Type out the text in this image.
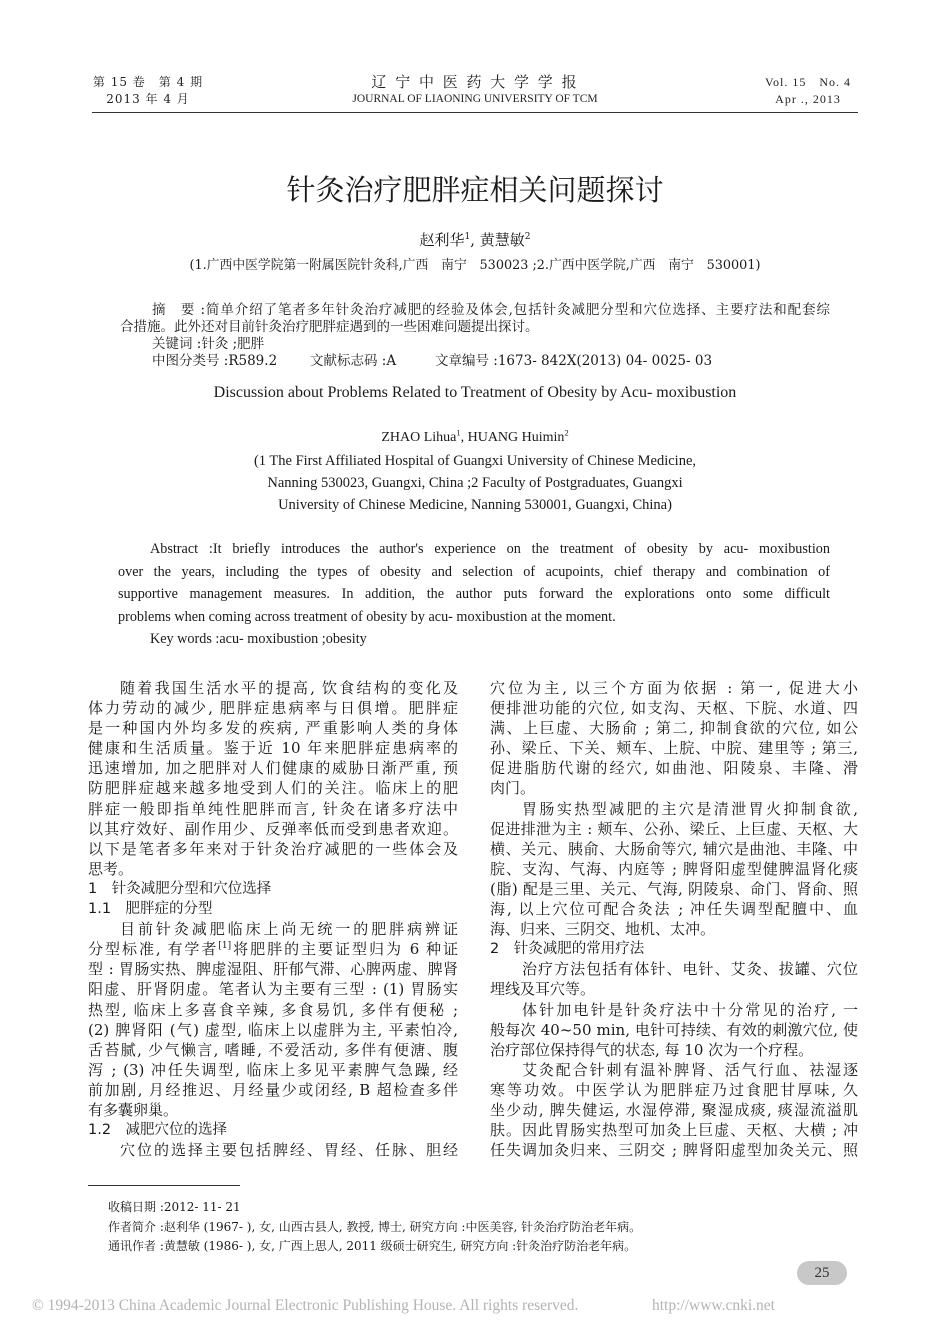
第 15 卷　第 4 期
2013 年 4 月
辽 宁 中 医 药 大 学 学 报
JOURNAL OF LIAONING UNIVERSITY OF TCM
Vol. 15　No. 4
Apr ., 2013
针灸治疗肥胖症相关问题探讨
赵利华$^1$, 黄慧敏$^2$
(1.广西中医学院第一附属医院针灸科,广西　南宁　530023 ;2.广西中医学院,广西　南宁　530001)
摘　要 :简单介绍了笔者多年针灸治疗减肥的经验及体会,包括针灸减肥分型和穴位选择、主要疗法和配套综
合措施。此外还对目前针灸治疗肥胖症遇到的一些困难问题提出探讨。
关键词 :针灸 ;肥胖
中图分类号 :R589.2 文献标志码 :A	文章编号 :1673- 842X(2013) 04- 0025- 03
Discussion about Problems Related to Treatment of Obesity by Acu- moxibustion
ZHAO Lihua$^1$, HUANG Huimin$^2$
(1 The First Affiliated Hospital of Guangxi University of Chinese Medicine,
Nanning 530023, Guangxi, China ;2 Faculty of Postgraduates, Guangxi
University of Chinese Medicine, Nanning 530001, Guangxi, China)
Abstract :It briefly introduces the author's experience on the treatment of obesity by acu- moxibustion
over the years, including the types of obesity and selection of acupoints, chief therapy and combination of
supportive management measures. In addition, the author puts forward the explorations onto some difficult
problems when coming across treatment of obesity by acu- moxibustion at the moment.
Key words :acu- moxibustion ;obesity
随着我国生活水平的提高, 饮食结构的变化及
体力劳动的减少, 肥胖症患病率与日俱增。肥胖症
是一种国内外均多发的疾病, 严重影响人类的身体
健康和生活质量。鉴于近 10 年来肥胖症患病率的
迅速增加, 加之肥胖对人们健康的威胁日渐严重, 预
防肥胖症越来越多地受到人们的关注。临床上的肥
胖症一般即指单纯性肥胖而言, 针灸在诸多疗法中
以其疗效好、副作用少、反弹率低而受到患者欢迎。
以下是笔者多年来对于针灸治疗减肥的一些体会及
思考。
1　针灸减肥分型和穴位选择
1.1　肥胖症的分型
目前针灸减肥临床上尚无统一的肥胖病辨证
分型标准, 有学者[1]将肥胖的主要证型归为 6 种证
型 : 胃肠实热、脾虚湿阻、肝郁气滞、心脾两虚、脾肾
阳虚、肝肾阴虚。笔者认为主要有三型 : (1) 胃肠实
热型, 临床上多喜食辛辣, 多食易饥, 多伴有便秘 ;
(2) 脾肾阳 (气) 虚型, 临床上以虚胖为主, 平素怕冷,
舌苔腻, 少气懒言, 嗜睡, 不爱活动, 多伴有便溏、腹
泻 ; (3) 冲任失调型, 临床上多见平素脾气急躁, 经
前加剧, 月经推迟、月经量少或闭经, B 超检查多伴
有多囊卵巢。
1.2　减肥穴位的选择
穴位的选择主要包括脾经、胃经、任脉、胆经
穴位为主, 以三个方面为依据 : 第一, 促进大小
便排泄功能的穴位, 如支沟、天枢、下脘、水道、四
满、上巨虚、大肠俞 ; 第二, 抑制食欲的穴位, 如公
孙、梁丘、下关、颊车、上脘、中脘、建里等 ; 第三,
促进脂肪代谢的经穴, 如曲池、阳陵泉、丰隆、滑
肉门。
胃肠实热型减肥的主穴是清泄胃火抑制食欲,
促进排泄为主 : 颊车、公孙、梁丘、上巨虚、天枢、大
横、关元、胰俞、大肠俞等穴, 辅穴是曲池、丰隆、中
脘、支沟、气海、内庭等 ; 脾肾阳虚型健脾温肾化痰
(脂) 配是三里、关元、气海, 阴陵泉、命门、肾俞、照
海, 以上穴位可配合灸法 ; 冲任失调型配膻中、血
海、归来、三阴交、地机、太冲。
2　针灸减肥的常用疗法
治疗方法包括有体针、电针、艾灸、拔罐、穴位
埋线及耳穴等。
体针加电针是针灸疗法中十分常见的治疗, 一
般每次 40~50 min, 电针可持续、有效的刺激穴位, 使
治疗部位保持得气的状态, 每 10 次为一个疗程。
艾灸配合针刺有温补脾肾、活气行血、祛湿逐
寒等功效。中医学认为肥胖症乃过食肥甘厚味, 久
坐少动, 脾失健运, 水湿停滞, 聚湿成痰, 痰湿流溢肌
肤。因此胃肠实热型可加灸上巨虚、天枢、大横 ; 冲
任失调加灸归来、三阴交 ; 脾肾阳虚型加灸关元、照
收稿日期 :2012- 11- 21
作者简介 :赵利华 (1967- ), 女, 山西古县人, 教授, 博士, 研究方向 :中医美容, 针灸治疗防治老年病。
通讯作者 :黄慧敏 (1986- ), 女, 广西上思人, 2011 级硕士研究生, 研究方向 :针灸治疗防治老年病。
25
© 1994-2013 China Academic Journal Electronic Publishing House. All rights reserved.	http://www.cnki.net
